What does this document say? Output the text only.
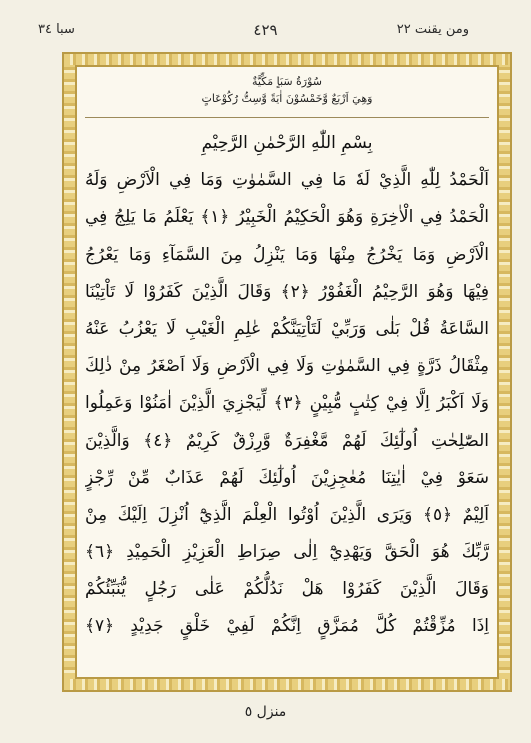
ومن يقنت ٢٢
٤٢٩
سبا ٣٤
سُوْرَةُ سَبَاٍ مَكِّيَّةٌ
وَهِيَ اَرْبَعٌ وَّخَمْسُوْنَ اٰيَةً وَّسِتُّ رُكُوْعَاتٍ
بِسْمِ اللّٰهِ الرَّحْمٰنِ الرَّحِيْمِ
اَلْحَمْدُ لِلّٰهِ الَّذِيْ لَهٗ مَا فِي السَّمٰوٰتِ وَمَا فِي الْاَرْضِ وَلَهُ
الْحَمْدُ فِي الْاٰخِرَةِ وَهُوَ الْحَكِيْمُ الْخَبِيْرُ ﴿١﴾ يَعْلَمُ مَا يَلِجُ فِي
الْاَرْضِ وَمَا يَخْرُجُ مِنْهَا وَمَا يَنْزِلُ مِنَ السَّمَآءِ وَمَا يَعْرُجُ
فِيْهَا وَهُوَ الرَّحِيْمُ الْغَفُوْرُ ﴿٢﴾ وَقَالَ الَّذِيْنَ كَفَرُوْا لَا تَاْتِيْنَا
السَّاعَةُ قُلْ بَلٰى وَرَبِّيْ لَتَاْتِيَنَّكُمْ عٰلِمِ الْغَيْبِ لَا يَعْزُبُ عَنْهُ
مِثْقَالُ ذَرَّةٍ فِي السَّمٰوٰتِ وَلَا فِي الْاَرْضِ وَلَا اَصْغَرُ مِنْ ذٰلِكَ
وَلَا اَكْبَرُ اِلَّا فِيْ كِتٰبٍ مُّبِيْنٍ ﴿٣﴾ لِّيَجْزِيَ الَّذِيْنَ اٰمَنُوْا وَعَمِلُوا
الصّٰلِحٰتِ اُولٰٓئِكَ لَهُمْ مَّغْفِرَةٌ وَّرِزْقٌ كَرِيْمٌ ﴿٤﴾ وَالَّذِيْنَ
سَعَوْ فِيْ اٰيٰتِنَا مُعٰجِزِيْنَ اُولٰٓئِكَ لَهُمْ عَذَابٌ مِّنْ رِّجْزٍ
اَلِيْمٌ ﴿٥﴾ وَيَرَى الَّذِيْنَ اُوْتُوا الْعِلْمَ الَّذِيْٓ اُنْزِلَ اِلَيْكَ مِنْ
رَّبِّكَ هُوَ الْحَقَّ وَيَهْدِيْٓ اِلٰى صِرَاطِ الْعَزِيْزِ الْحَمِيْدِ ﴿٦﴾
وَقَالَ الَّذِيْنَ كَفَرُوْا هَلْ نَدُلُّكُمْ عَلٰى رَجُلٍ يُّنَبِّئُكُمْ
اِذَا مُزِّقْتُمْ كُلَّ مُمَزَّقٍ اِنَّكُمْ لَفِيْ خَلْقٍ جَدِيْدٍ ﴿٧﴾
منزل ٥
